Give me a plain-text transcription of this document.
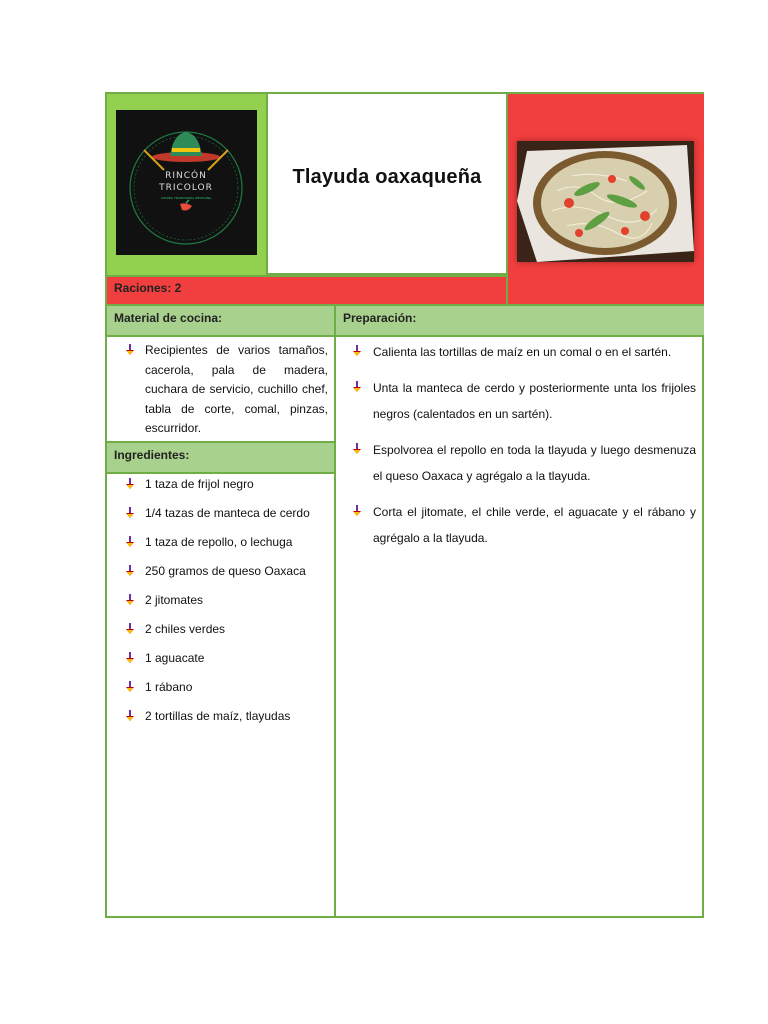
RINCÓN
TRICOLOR
COMIDA TRADICIONAL MEXICANA
Tlayuda oaxaqueña
Raciones: 2
Material de cocina:	Preparación:
Recipientes de varios tamaños, cacerola, pala de madera, cuchara de servicio, cuchillo chef, tabla de corte, comal, pinzas, escurridor.
Ingredientes:
1 taza de frijol negro
1/4 tazas de manteca de cerdo
1 taza de repollo, o lechuga
250 gramos de queso Oaxaca
2 jitomates
2 chiles verdes
1 aguacate
1 rábano
2 tortillas de maíz, tlayudas
Calienta las tortillas de maíz en un comal o en el sartén.
Unta la manteca de cerdo y posteriormente unta los frijoles negros (calentados en un sartén).
Espolvorea el repollo en toda la tlayuda y luego desmenuza el queso Oaxaca y agrégalo a la tlayuda.
Corta el jitomate, el chile verde, el aguacate y el rábano y agrégalo a la tlayuda.
